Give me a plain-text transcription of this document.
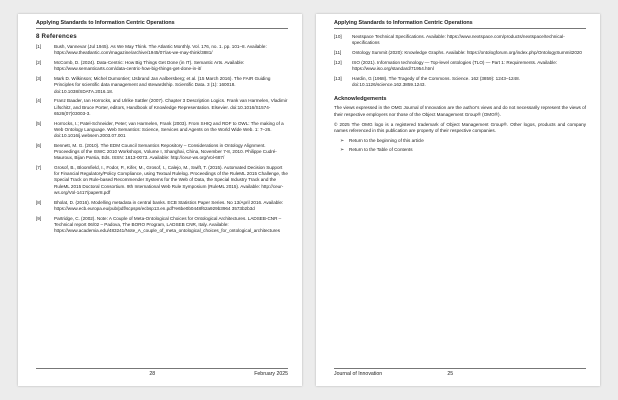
Applying Standards to Information Centric Operations
8 References
[1]	Bush, Vannevar (Jul 1945). As We May Think. The Atlantic Monthly. Vol. 176, no. 1. pp. 101–8. Available: https://www.theatlantic.com/magazine/archive/1945/07/as-we-may-think/3881/
[2]	McComb, D. (2024). Data-Centric: How Big Things Get Done (in IT). Semantic Arts. Available: https://www.semanticarts.com/data-centric-how-big-things-get-done-in-it/
[3]	Mark D. Wilkinson; Michel Dumontier; IJsbrand Jan Aalbersberg; et al. (15 March 2016). The FAIR Guiding Principles for scientific data management and stewardship. Scientific Data. 3 (1): 160018. doi:10.1038/SDATA.2016.18.
[4]	Franz Baader, Ian Horrocks, and Ulrike Sattler (2007). Chapter 3 Description Logics. Frank van Harmelen, Vladimir Lifschitz, and Bruce Porter, editors, Handbook of Knowledge Representation. Elsevier. doi:10.1016/S1574-6526(07)03003-3.
[5]	Horrocks, I.; Patel-Schneider, Peter; van Harmelen, Frank (2003). From SHIQ and RDF to OWL: The making of a Web Ontology Language. Web Semantics: Science, Services and Agents on the World Wide Web. 1: 7–26. doi:10.1016/j.websem.2003.07.001
[6]	Bennett, M. G. (2010). The EDM Council Semantics Repository – Considerations in Ontology Alignment. Proceedings of the ISWC 2010 Workshops, Volume I, Shanghai, China, November 7-8, 2010. Philippe Cudré-Mauroux, Bijan Parsia, Eds. ISSN: 1613-0073. Available: http://ceur-ws.org/Vol-687/
[7]	Grosof, B., Bloomfield, I., Fodor, P., Kifer, M., Grosof, I., Calejo, M., Swift, T. (2015). Automated Decision Support for Financial Regulatory/Policy Compliance, using Textual Rulelog. Proceedings of the RuleML 2015 Challenge, the Special Track on Rule-based Recommender Systems for the Web of Data, the Special Industry Track and the RuleML 2015 Doctoral Consortium. 9th International Web Rule Symposium (RuleML 2015). Available: http://ceur-ws.org/Vol-1417/paper8.pdf
[8]	Bholat, D. (2016). Modelling metadata in central banks. ECB Statistics Paper Series. No 13/April 2016. Available: https://www.ecb.europa.eu/pub/pdf/scpsps/ecbsp13.en.pdf?e6be0b0448f62a929b3964 3573b2b3d
[9]	Partridge, C. (2002). Note: A Couple of Meta-Ontological Choices for Ontological Architectures. LADSEB-CNR – Technical report 06/02 – Padova, The BORO Program, LADSEB CNR, Italy. Available: https://www.academia.edu/483241/Note_A_couple_of_meta_ontological_choices_for_ontological_architectures
28	February 2025
Applying Standards to Information Centric Operations
[10]	Nextspace Technical Specifications. Available: https://www.nextspace.com/products/nextspace/technical-specifications
[11]	Ontology Summit (2020): Knowledge Graphs. Available: https://ontologforum.org/index.php/OntologySummit2020
[12]	ISO (2021). Information technology — Top-level ontologies (TLO) — Part 1: Requirements. Available: https://www.iso.org/standard/71954.html
[13]	Hardin, G (1968). The Tragedy of the Commons. Science. 162 (3859): 1243–1248. doi:10.1126/science.162.3859.1243.
Acknowledgements

The views expressed in the OMG Journal of Innovation are the author's views and do not necessarily represent the views of their respective employers nor those of the Object Management Group® (OMG®).

© 2025 The OMG logo is a registered trademark of Object Management Group®. Other logos, products and company names referenced in this publication are property of their respective companies.

➢	Return to the beginning of this article
➢	Return to the Table of Contents
Journal of Innovation	25
